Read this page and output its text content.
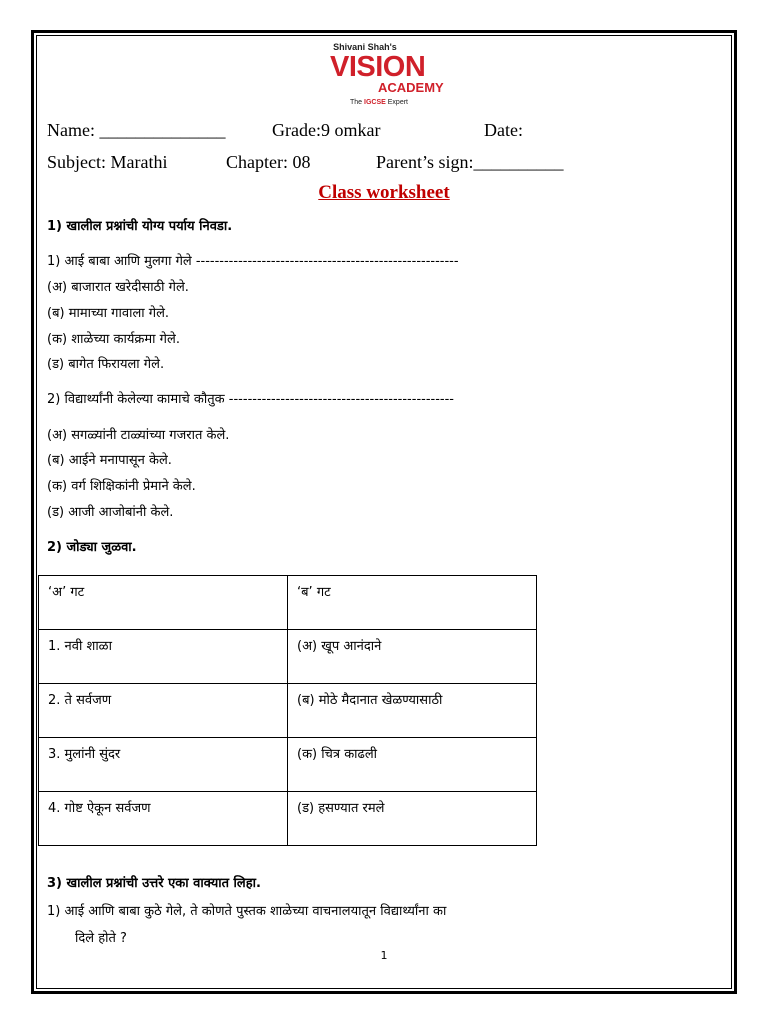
Shivani Shah's
VISION
ACADEMY
The IGCSE Expert
Name: ______________	Grade:9 omkar	Date:
Subject: Marathi	Chapter: 08	Parent’s sign:__________
Class worksheet
1) खालील प्रश्नांची योग्य पर्याय निवडा.
1) आई बाबा आणि मुलगा गेले --------------------------------------------------------
(अ) बाजारात खरेदीसाठी गेले.
(ब) मामाच्या गावाला गेले.
(क) शाळेच्या कार्यक्रमा गेले.
(ड) बागेत फिरायला गेले.
2) विद्यार्थ्यांनी केलेल्या कामाचे कौतुक ------------------------------------------------
(अ) सगळ्यांनी टाळ्यांच्या गजरात केले.
(ब) आईने मनापासून केले.
(क) वर्ग शिक्षिकांनी प्रेमाने केले.
(ड) आजी आजोबांनी केले.
2) जोड्या जुळवा.
‘अ’ गट	‘ब’ गट
1. नवी शाळा	(अ) खूप आनंदाने
2. ते सर्वजण	(ब) मोठे मैदानात खेळण्यासाठी
3. मुलांनी सुंदर	(क) चित्र काढली
4. गोष्ट ऐकून सर्वजण	(ड) हसण्यात रमले
3) खालील प्रश्नांची उत्तरे एका वाक्यात लिहा.
1) आई आणि बाबा कुठे गेले, ते कोणते पुस्तक शाळेच्या वाचनालयातून विद्यार्थ्यांना का
दिले होते ?
1
